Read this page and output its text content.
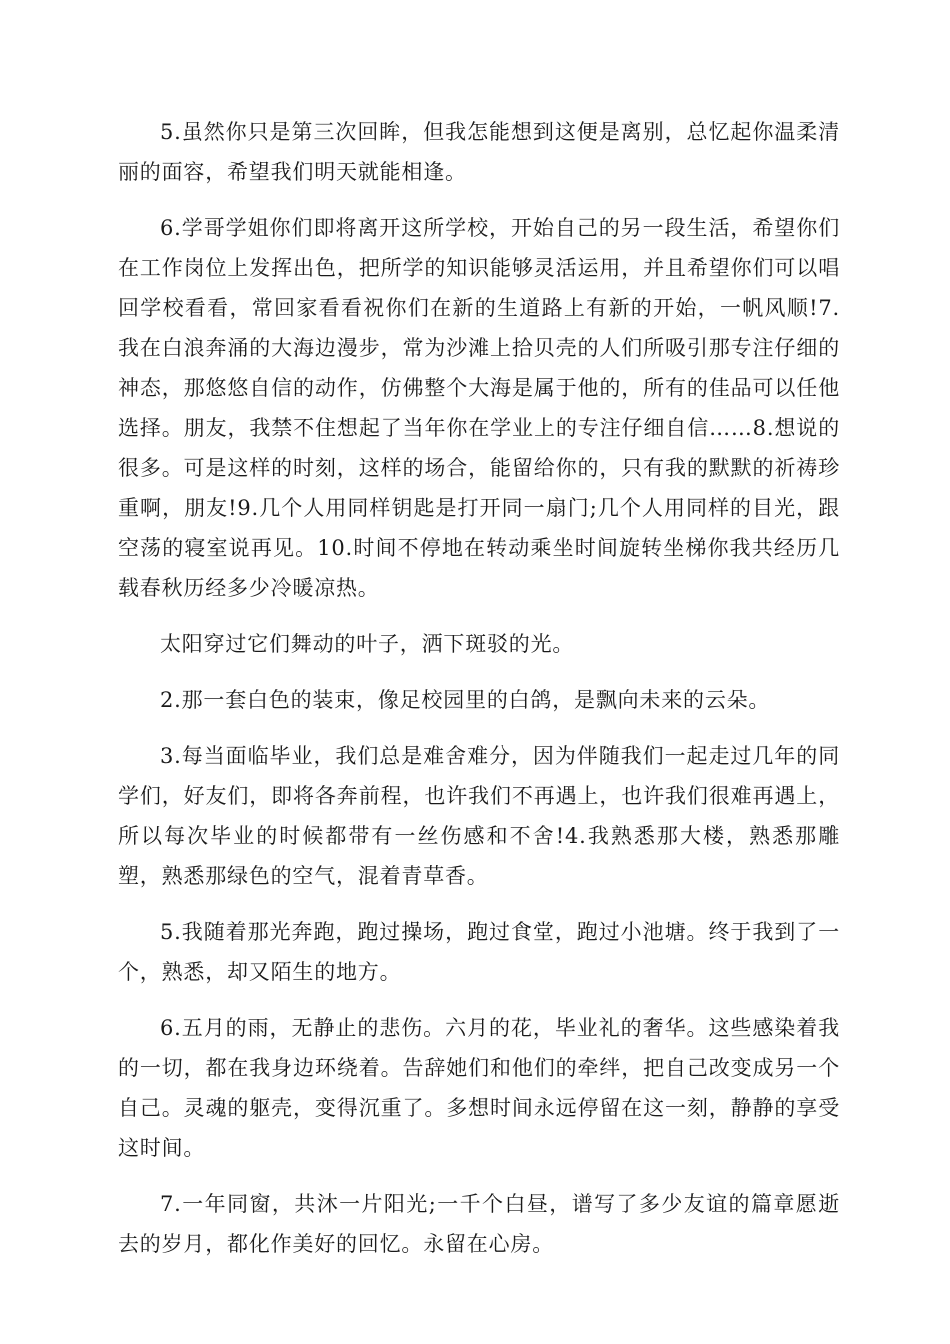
5.虽然你只是第三次回眸，但我怎能想到这便是离别，总忆起你温柔清丽的面容，希望我们明天就能相逢。

6.学哥学姐你们即将离开这所学校，开始自己的另一段生活，希望你们在工作岗位上发挥出色，把所学的知识能够灵活运用，并且希望你们可以唱回学校看看，常回家看看祝你们在新的生道路上有新的开始，一帆风顺!7.我在白浪奔涌的大海边漫步，常为沙滩上拾贝壳的人们所吸引那专注仔细的神态，那悠悠自信的动作，仿佛整个大海是属于他的，所有的佳品可以任他选择。朋友，我禁不住想起了当年你在学业上的专注仔细自信……8.想说的很多。可是这样的时刻，这样的场合，能留给你的，只有我的默默的祈祷珍重啊，朋友!9.几个人用同样钥匙是打开同一扇门;几个人用同样的目光，跟空荡的寝室说再见。10.时间不停地在转动乘坐时间旋转坐梯你我共经历几载春秋历经多少冷暖凉热。

太阳穿过它们舞动的叶子，洒下斑驳的光。

2.那一套白色的装束，像足校园里的白鸽，是飘向未来的云朵。

3.每当面临毕业，我们总是难舍难分，因为伴随我们一起走过几年的同学们，好友们，即将各奔前程，也许我们不再遇上，也许我们很难再遇上，所以每次毕业的时候都带有一丝伤感和不舍!4.我熟悉那大楼，熟悉那雕塑，熟悉那绿色的空气，混着青草香。

5.我随着那光奔跑，跑过操场，跑过食堂，跑过小池塘。终于我到了一个，熟悉，却又陌生的地方。

6.五月的雨，无静止的悲伤。六月的花，毕业礼的奢华。这些感染着我的一切，都在我身边环绕着。告辞她们和他们的牵绊，把自己改变成另一个自己。灵魂的躯壳，变得沉重了。多想时间永远停留在这一刻，静静的享受这时间。

7.一年同窗，共沐一片阳光;一千个白昼，谱写了多少友谊的篇章愿逝去的岁月，都化作美好的回忆。永留在心房。
